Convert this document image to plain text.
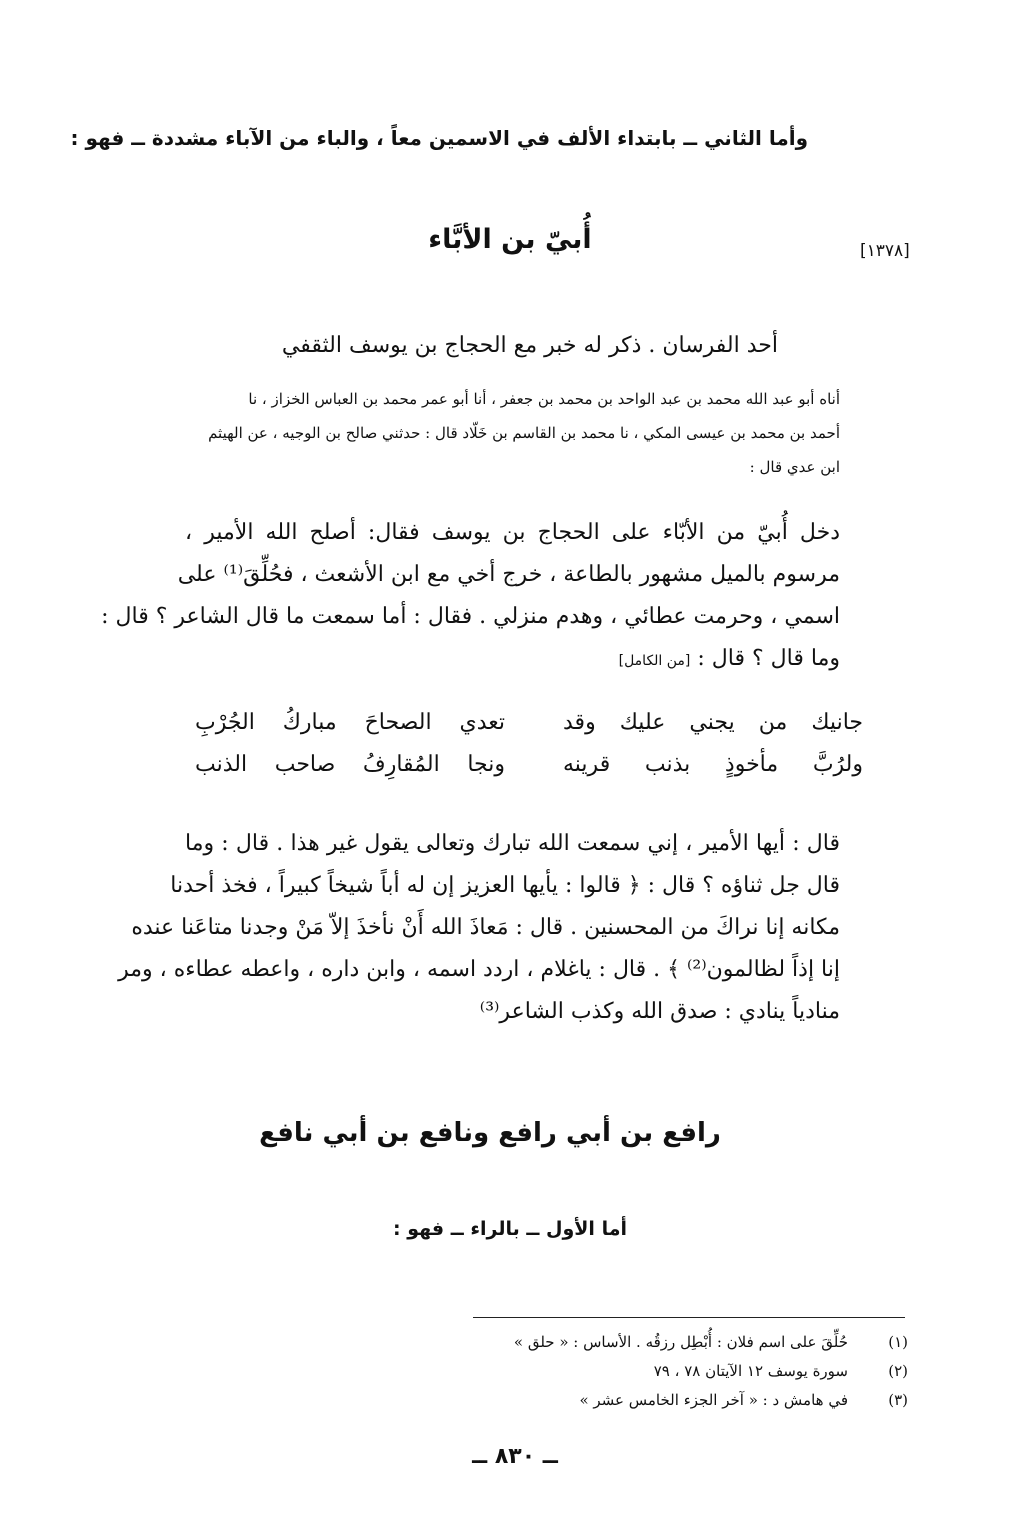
وأما الثاني ــ بابتداء الألف في الاسمين معاً ، والباء من الآباء مشددة ــ فهو :
[١٣٧٨]
أُبيّ بن الأبَّاء
أحد الفرسان . ذكر له خبر مع الحجاج بن يوسف الثقفي

أناه أبو عبد الله محمد بن عبد الواحد بن محمد بن جعفر ، أنا أبو عمر محمد بن العباس الخزاز ، نا

أحمد بن محمد بن عيسى المكي ، نا محمد بن القاسم بن خَلّاد قال : حدثني صالح بن الوجيه ، عن الهيثم

ابن عدي قال :

دخل أُبيّ من الأبّاء على الحجاج بن يوسف فقال: أصلح الله الأمير ،

مرسوم بالميل مشهور بالطاعة ، خرج أخي مع ابن الأشعث ، فحُلِّقَ⁽¹⁾ على

اسمي ، وحرمت عطائي ، وهدم منزلي . فقال : أما سمعت ما قال الشاعر ؟ قال :

وما قال ؟ قال : [من الكامل]

جانيك من يجني عليك وقد
تعدي الصحاحَ مباركُ الجُرْبِ
ولرُبَّ مأخوذٍ بذنب قرينه
ونجا المُقارِفُ صاحب الذنب

قال : أيها الأمير ، إني سمعت الله تبارك وتعالى يقول غير هذا . قال : وما

قال جل ثناؤه ؟ قال : ﴿ قالوا : يأيها العزيز إن له أباً شيخاً كبيراً ، فخذ أحدنا

مكانه إنا نراكَ من المحسنين . قال : مَعاذَ الله أَنْ نأخذَ إلاّ مَنْ وجدنا متاعَنا عنده

إنا إذاً لظالمون⁽²⁾ ﴾ . قال : ياغلام ، اردد اسمه ، وابن داره ، واعطه عطاءه ، ومر

منادياً ينادي : صدق الله وكذب الشاعر⁽³⁾

رافع بن أبي رافع ونافع بن أبي نافع
أما الأول ــ بالراء ــ فهو :
(١)
حُلِّقَ على اسم فلان : أُبْطِل رزقُه . الأساس : « حلق »
(٢)
سورة يوسف ١٢ الآيتان ٧٨ ، ٧٩
(٣)
في هامش د : « آخر الجزء الخامس عشر »
ــ ٨٣٠ ــ
